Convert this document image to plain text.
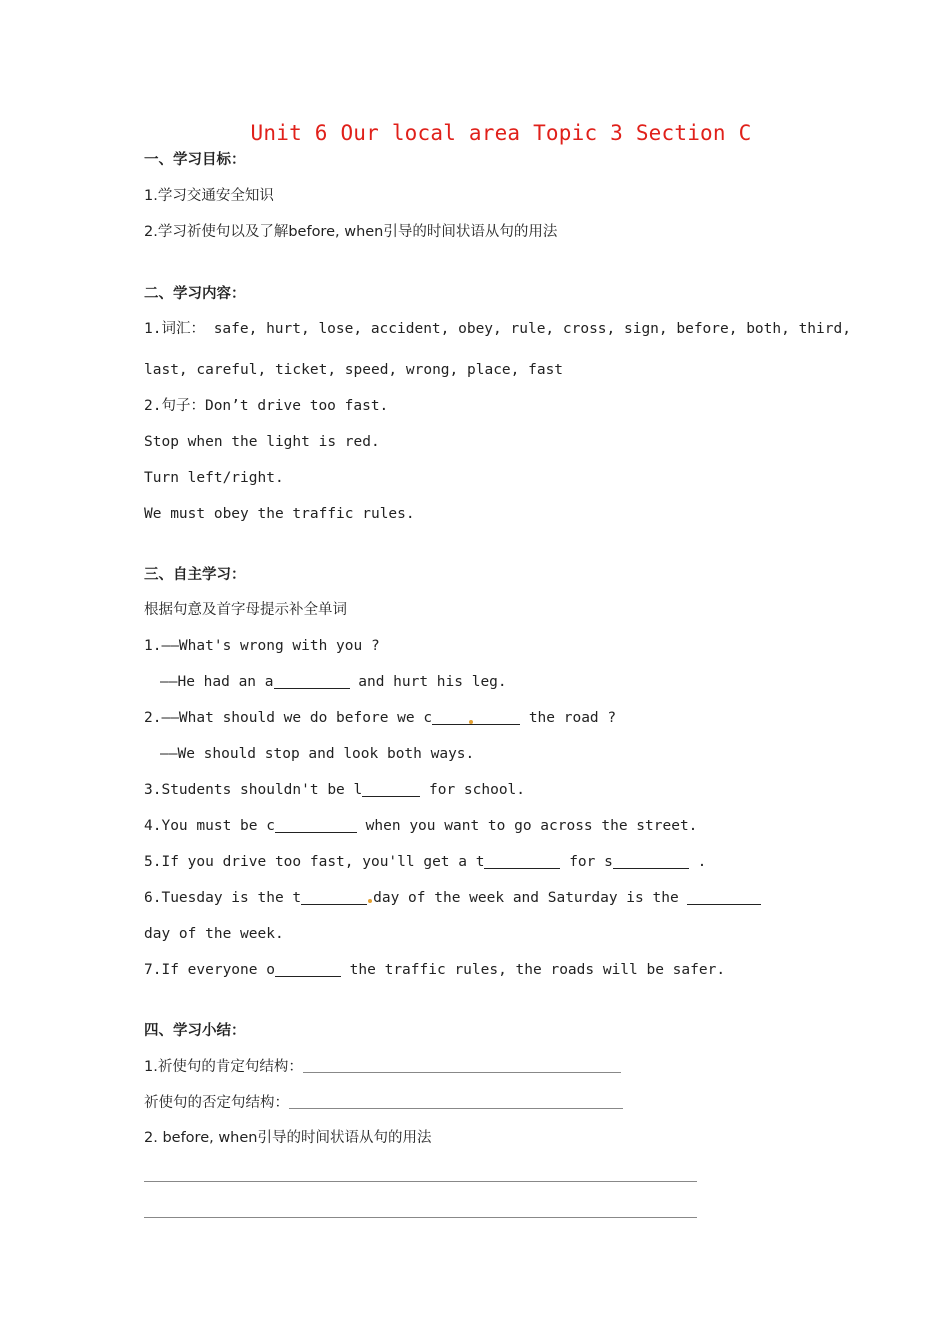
Unit 6 Our local area Topic 3 Section C
一、学习目标：
1.学习交通安全知识
2.学习祈使句以及了解before, when引导的时间状语从句的用法
二、学习内容：
1.词汇： safe, hurt, lose, accident, obey, rule, cross, sign, before, both, third,
last, careful, ticket, speed, wrong, place, fast
2.句子：Don’t drive too fast.
Stop when the light is red.
Turn left/right.
We must obey the traffic rules.
三、自主学习：
根据句意及首字母提示补全单词
1.——What's wrong with you ?
——He had an a	and hurt his leg.
2.——What should we do before we c	the road ?
——We should stop and look both ways.
3.Students shouldn't be l	for school.
4.You must be c	when you want to go across the street.
5.If you drive too fast, you'll get a t	for s	.
6.Tuesday is the t	day of the week and Saturday is the
day of the week.
7.If everyone o	the traffic rules, the roads will be safer.
四、学习小结：
1.祈使句的肯定句结构：
祈使句的否定句结构：
2. before, when引导的时间状语从句的用法
